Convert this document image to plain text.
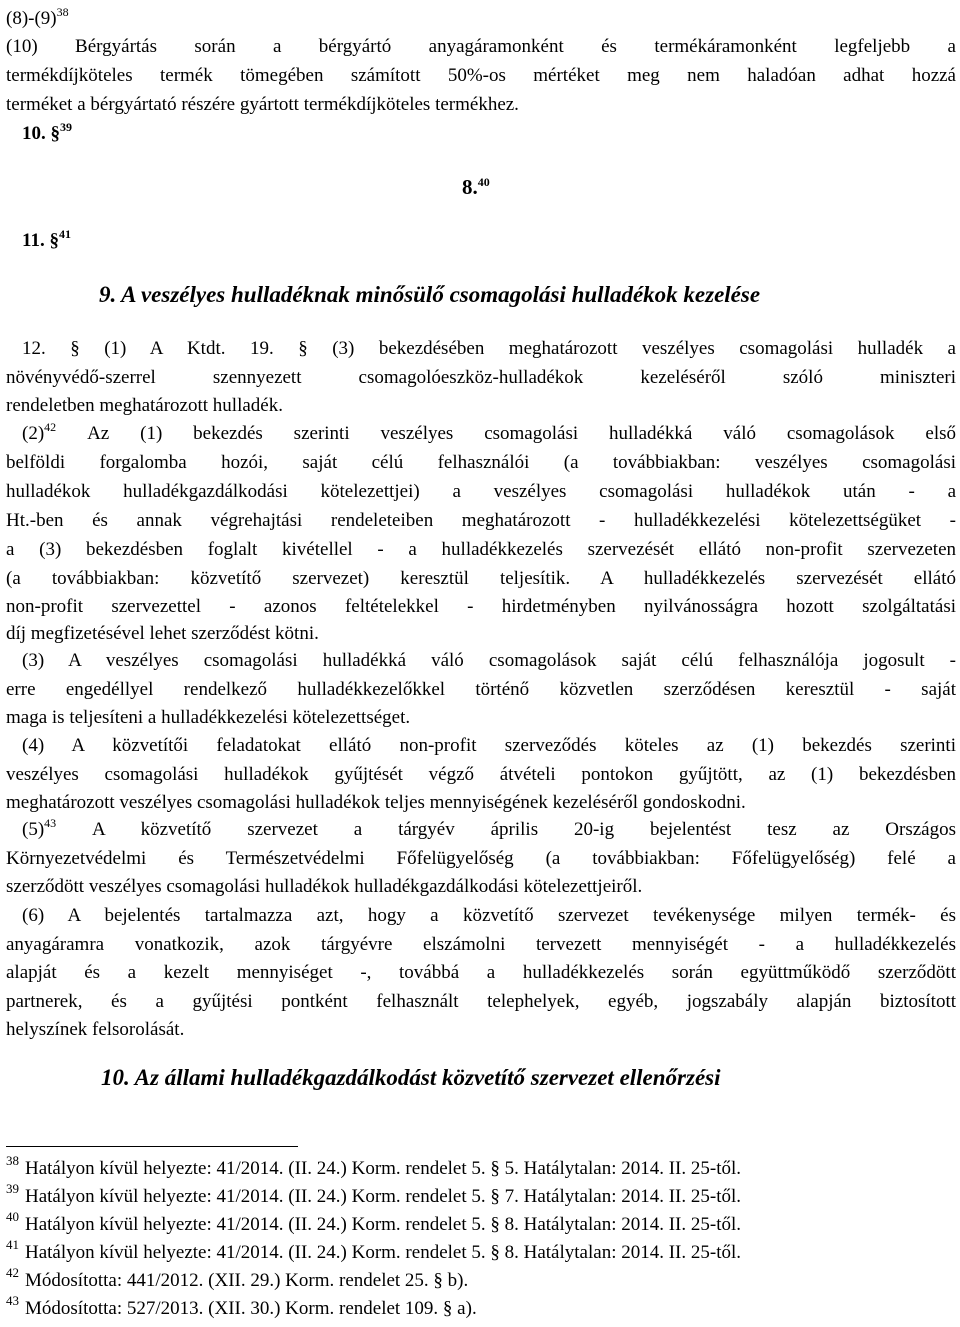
$(8)-(9)^{38}$
(10) Bérgyártás során a bérgyártó anyagáramonként és termékáramonként legfeljebb a
termékdíjköteles termék tömegében számított 50%-os mértéket meg nem haladóan adhat hozzá
terméket a bérgyártató részére gyártott termékdíjköteles termékhez.
10. §$^{39}$
8.40
11. §$^{41}$
9. A veszélyes hulladéknak minősülő csomagolási hulladékok kezelése
12. § (1) A Ktdt. 19. § (3) bekezdésében meghatározott veszélyes csomagolási hulladék a
növényvédő-szerrel szennyezett csomagolóeszköz-hulladékok kezeléséről szóló miniszteri
rendeletben meghatározott hulladék.
$(2)^{42}$ Az (1) bekezdés szerinti veszélyes csomagolási hulladékká váló csomagolások első
belföldi forgalomba hozói, saját célú felhasználói (a továbbiakban: veszélyes csomagolási
hulladékok hulladékgazdálkodási kötelezettjei) a veszélyes csomagolási hulladékok után - a
Ht.-ben és annak végrehajtási rendeleteiben meghatározott - hulladékkezelési kötelezettségüket -
a (3) bekezdésben foglalt kivétellel - a hulladékkezelés szervezését ellátó non-profit szervezeten
(a továbbiakban: közvetítő szervezet) keresztül teljesítik. A hulladékkezelés szervezését ellátó
non-profit szervezettel - azonos feltételekkel - hirdetményben nyilvánosságra hozott szolgáltatási
díj megfizetésével lehet szerződést kötni.
(3) A veszélyes csomagolási hulladékká váló csomagolások saját célú felhasználója jogosult -
erre engedéllyel rendelkező hulladékkezelőkkel történő közvetlen szerződésen keresztül - saját
maga is teljesíteni a hulladékkezelési kötelezettséget.
(4) A közvetítői feladatokat ellátó non-profit szerveződés köteles az (1) bekezdés szerinti
veszélyes csomagolási hulladékok gyűjtését végző átvételi pontokon gyűjtött, az (1) bekezdésben
meghatározott veszélyes csomagolási hulladékok teljes mennyiségének kezeléséről gondoskodni.
$(5)^{43}$ A közvetítő szervezet a tárgyév április 20-ig bejelentést tesz az Országos
Környezetvédelmi és Természetvédelmi Főfelügyelőség (a továbbiakban: Főfelügyelőség) felé a
szerződött veszélyes csomagolási hulladékok hulladékgazdálkodási kötelezettjeiről.
(6) A bejelentés tartalmazza azt, hogy a közvetítő szervezet tevékenysége milyen termék- és
anyagáramra vonatkozik, azok tárgyévre elszámolni tervezett mennyiségét - a hulladékkezelés
alapját és a kezelt mennyiséget -, továbbá a hulladékkezelés során együttműködő szerződött
partnerek, és a gyűjtési pontként felhasznált telephelyek, egyéb, jogszabály alapján biztosított
helyszínek felsorolását.
10. Az állami hulladékgazdálkodást közvetítő szervezet ellenőrzési
$^{38}$ Hatályon kívül helyezte: 41/2014. (II. 24.) Korm. rendelet 5. § 5. Hatálytalan: 2014. II. 25-től.
$^{39}$ Hatályon kívül helyezte: 41/2014. (II. 24.) Korm. rendelet 5. § 7. Hatálytalan: 2014. II. 25-től.
$^{40}$ Hatályon kívül helyezte: 41/2014. (II. 24.) Korm. rendelet 5. § 8. Hatálytalan: 2014. II. 25-től.
$^{41}$ Hatályon kívül helyezte: 41/2014. (II. 24.) Korm. rendelet 5. § 8. Hatálytalan: 2014. II. 25-től.
$^{42}$ Módosította: 441/2012. (XII. 29.) Korm. rendelet 25. § b).
$^{43}$ Módosította: 527/2013. (XII. 30.) Korm. rendelet 109. § a).
